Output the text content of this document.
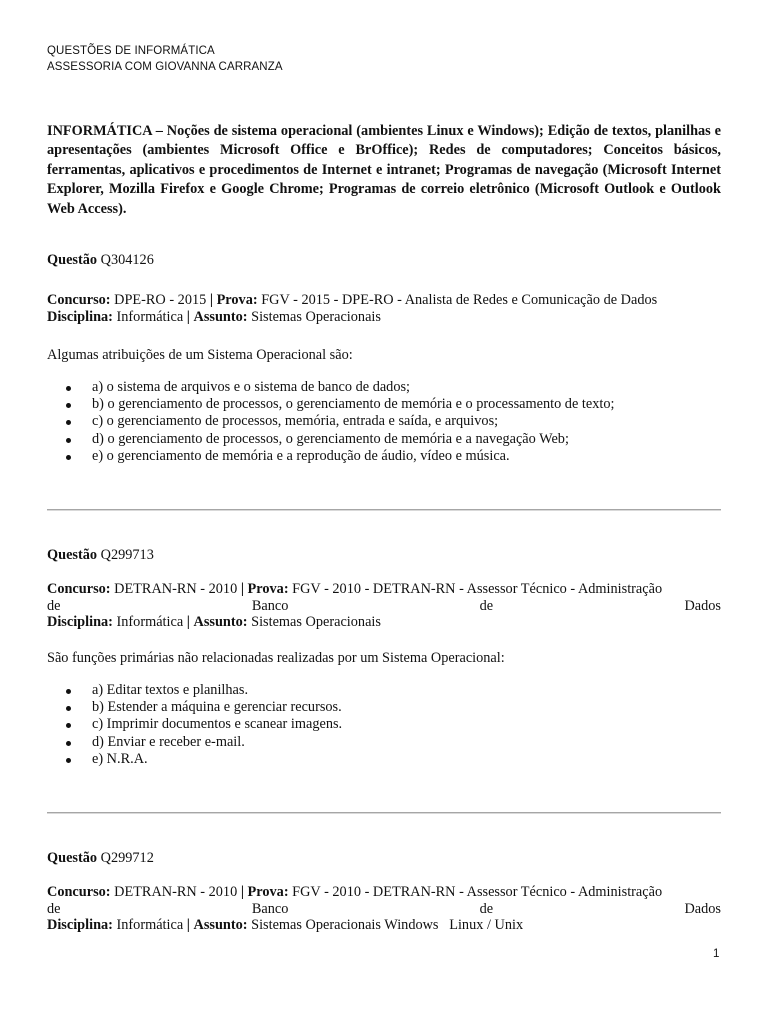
QUESTÕES DE INFORMÁTICA
ASSESSORIA COM GIOVANNA CARRANZA
INFORMÁTICA – Noções de sistema operacional (ambientes Linux e Windows); Edição de textos, planilhas e apresentações (ambientes Microsoft Office e BrOffice); Redes de computadores; Conceitos básicos, ferramentas, aplicativos e procedimentos de Internet e intranet; Programas de navegação (Microsoft Internet Explorer, Mozilla Firefox e Google Chrome; Programas de correio eletrônico (Microsoft Outlook e Outlook Web Access).
Questão Q304126
Concurso: DPE-RO - 2015 | Prova: FGV - 2015 - DPE-RO - Analista de Redes e Comunicação de Dados
Disciplina: Informática | Assunto: Sistemas Operacionais
Algumas atribuições de um Sistema Operacional são:
a) o sistema de arquivos e o sistema de banco de dados;
b) o gerenciamento de processos, o gerenciamento de memória e o processamento de texto;
c) o gerenciamento de processos, memória, entrada e saída, e arquivos;
d) o gerenciamento de processos, o gerenciamento de memória e a navegação Web;
e) o gerenciamento de memória e a reprodução de áudio, vídeo e música.
Questão Q299713
Concurso: DETRAN-RN - 2010 | Prova: FGV - 2010 - DETRAN-RN - Assessor Técnico - Administração
de	Banco	de	Dados
Disciplina: Informática | Assunto: Sistemas Operacionais
São funções primárias não relacionadas realizadas por um Sistema Operacional:
a) Editar textos e planilhas.
b) Estender a máquina e gerenciar recursos.
c) Imprimir documentos e scanear imagens.
d) Enviar e receber e-mail.
e) N.R.A.
Questão Q299712
Concurso: DETRAN-RN - 2010 | Prova: FGV - 2010 - DETRAN-RN - Assessor Técnico - Administração
de	Banco	de	Dados
Disciplina: Informática | Assunto: Sistemas Operacionais Windows   Linux / Unix
1
